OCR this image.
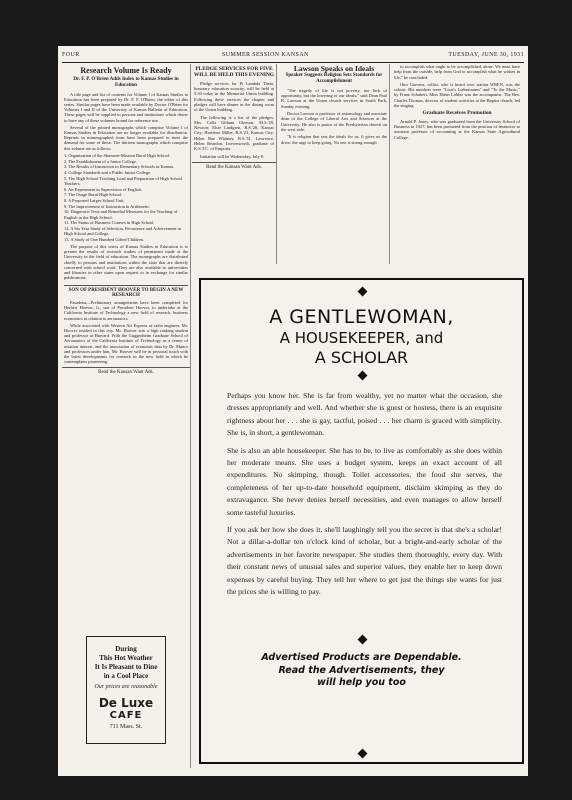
FOUR	SUMMER SESSION KANSAN	TUESDAY, JUNE 30, 1931
Research Volume Is Ready
Dr. F. P. O'Brien Adds Index to Kansas Studies in Education

A title page and list of contents for Volume I of Kansas Studies in Education has been prepared by Dr. F. P. O'Brien, the editor of this series. Similar pages have been made available by Doctor O'Brien for Volumes I and II of the University of Kansas Bulletin of Education. These pages will be supplied to persons and institutions which desire to have any of these volumes bound for reference use.

Several of the printed monographs which comprise Volume I of Kansas Studies in Education are no longer available for distribution. Reprints in mimeographed form have been prepared to meet the demand for some of these. The thirteen monographs which comprise this volume are as follows:

1. Organization of the Shawnee-Mission Rural High School.
2. The Establishment of a Junior College.
3. The Results of Instruction in Elementary Schools in Kansas.
4. College Standards and a Public Junior College.
5. The High School Teaching Load and Preparation of High School Teachers.
6. An Experiment in Supervision of English.
7. The Osage Rural High School.
8. A Proposed Larger School Unit.
9. The Improvement of Instruction in Arithmetic.
10. Diagnostic Tests and Remedial Measures for the Teaching of English in the High School.
11. The Status of Business Courses in High School.
12. A Six Year Study of Selection, Persistence and Achievement in High School and College.
13. A Study of One Hundred Gifted Children.

The purpose of this series of Kansas Studies in Education is to present the results of research studies of permanent made at the University in the field of education. The monographs are distributed chiefly to persons and institutions within the state that are directly concerned with school work. They are also available to universities and libraries in other states upon request or in exchange for similar publications.

SON OF PRESIDENT HOOVER TO BEGIN A NEW RESEARCH

Pasadena—Preliminary arrangements have been completed for Herbert Hoover, Jr., son of President Hoover, to undertake at the California Institute of Technology a new field of research, business economics in relation to aeronautics.

While associated with Western Air Express as radio engineer, Mr. Hoover resided in this city. Mr. Hoover was a high ranking student and professor at Harvard. With the Guggenheim Graduate School of Aeronautics of the California Institute of Technology as a center of aviation interest, and the association of economic data by Dr. Munro and professors under him, Mr. Hoover will be in personal touch with the latest developments for research in the new field in which he contemplates pioneering.

Read the Kansan Want Ads.
During
This Hot Weather
It Is Pleasant to Dine
in a Cool Place
Our prices are reasonable
De Luxe
CAFE
711 Mass. St.
PLEDGE SERVICES FOR FIVE WILL BE HELD THIS EVENING

Pledge services for Pi Lambda Theta, honorary education sorority, will be held at 5:30 today in the Memorial Union building. Following these services the chapter and pledges will have dinner in the dining room of the Union building.

The following is a list of the pledges: Mrs. Celia Gilham Gleason, M.S.'29, Newton; Elsie Lindgren, B.S.'28, Kansas City; Hortense Miller, B.S.'23, Kansas City; Helen Rae Whitney, B.S.'31, Lawrence; Helen Reardon, Leavenworth, graduate of K.S.T.C. of Emporia.

Initiation will be Wednesday, July 8.

Read the Kansan Want Ads.
Lawson Speaks on Ideals
Speaker Suggests Religion Sets Standards for Accomplishment

"The tragedy of life is not poverty, nor lack of opportunity, but the lowering of our ideals," said Dean Paul B. Lawson at the Union church services in South Park, Sunday evening.

Doctor Lawson is professor of entomology and associate dean of the College of Liberal Arts and Sciences at the University. He also is pastor of the Presbyterian church on the west side.

"It is religion that sets the ideals for us. It gives us the drive, the urge to keep going. No one is strong enough

to accomplish what ought to be accomplished, alone. We must have help from the outside, help from God to accomplish what he wishes in life," he concluded.

Otto Garvens, cellist, who is heard over station WREN, was the soloist. His numbers were "Liszt's Liebestraum" and "To the Music," by Franz Schubert. Miss Elden LaMar was the accompanist. The Rev. Charles Thomas, director of student activities at the Baptist church, led the singing.

Graduate Receives Promotion

Arnold P. Jones, who was graduated from the University School of Business in 1927, has been promoted from the position of instructor to assistant professor of accounting at the Kansas State Agricultural College.

A GENTLEWOMAN,
A HOUSEKEEPER, and
A SCHOLAR

Perhaps you know her. She is far from wealthy, yet no matter what the occasion, she dresses appropriately and well. And whether she is guest or hostess, there is an exquisite rightness about her . . . she is gay, tactful, poised . . . her charm is graced with simplicity. She is, in short, a gentlewoman.

She is also an able housekeeper. She has to be, to live as comfortably as she does within her moderate means. She uses a budget system, keeps an exact account of all expenditures. No skimping, though. Toilet accessories, the food she serves, the completeness of her up-to-date household equipment, disclaim skimping as they do extravagance. She never denies herself necessities, and even manages to allow herself some tasteful luxuries.

If you ask her how she does it, she'll laughingly tell you the secret is that she's a scholar! Not a dillar-a-dollar ten o'clock kind of scholar, but a bright-and-early scholar of the advertisements in her favorite newspaper. She studies them thoroughly, every day. With their constant news of unusual sales and superior values, they enable her to keep down expenses by careful buying. They tell her where to get just the things she wants for just the prices she is willing to pay.

Advertised Products are Dependable.
Read the Advertisements, they
will help you too
